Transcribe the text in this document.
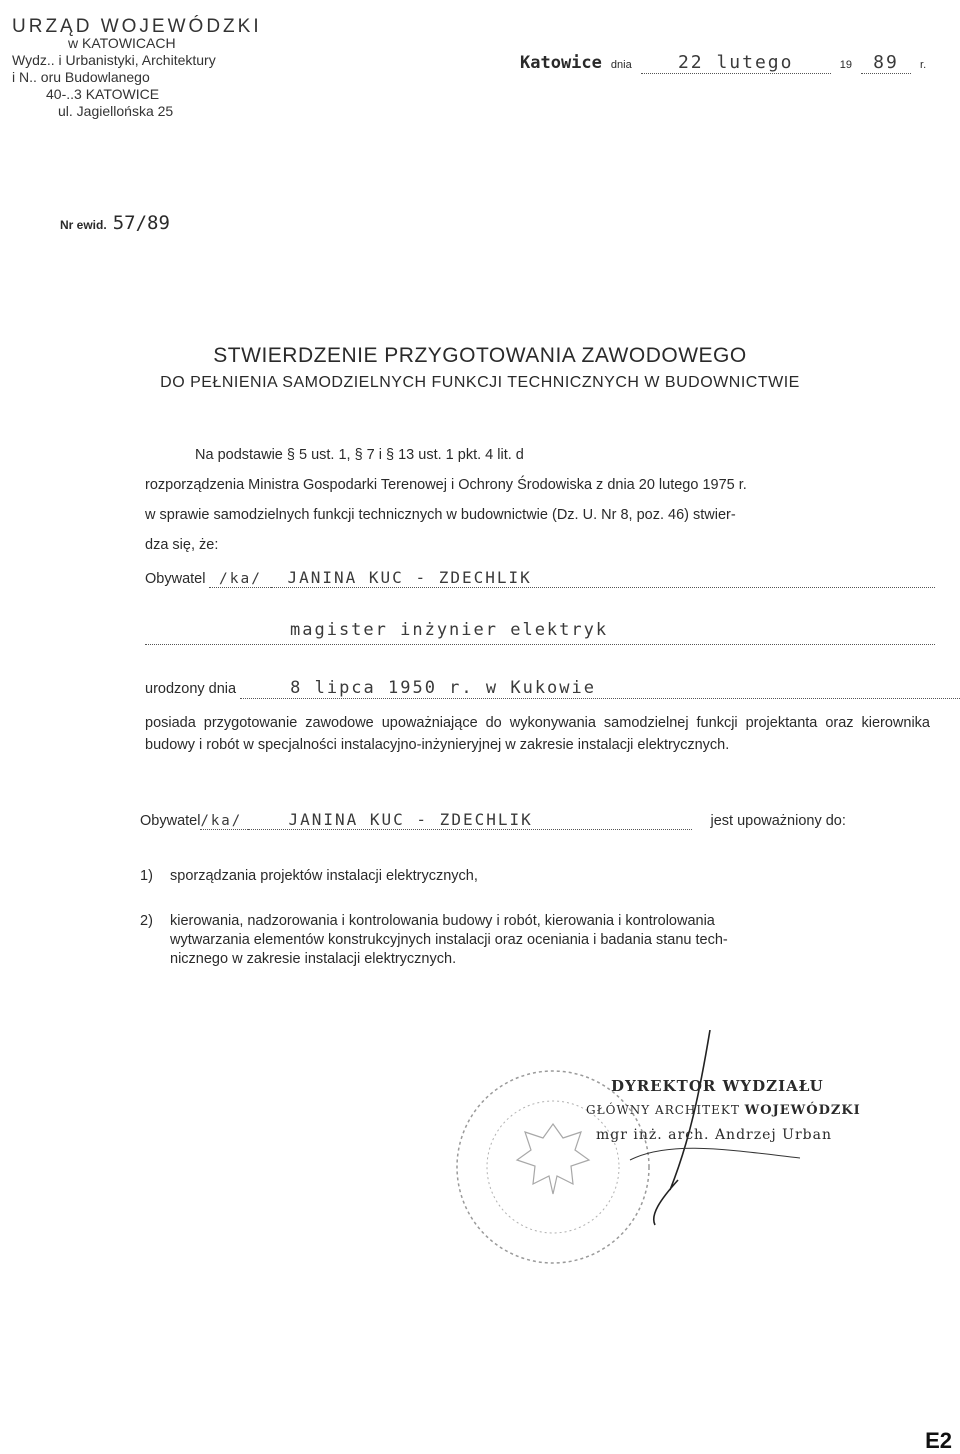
URZĄD WOJEWÓDZKI
w KATOWICACH
Wydz.. i Urbanistyki, Architektury
i N.. oru Budowlanego
40-..3 KATOWICE
ul. Jagiellońska 25
Katowice dnia	22 lutego	19 89 r.
Nr ewid. 57/89
STWIERDZENIE PRZYGOTOWANIA ZAWODOWEGO
DO PEŁNIENIA SAMODZIELNYCH FUNKCJI TECHNICZNYCH W BUDOWNICTWIE

Na podstawie § 5 ust. 1, § 7 i § 13 ust. 1 pkt. 4 lit. d

rozporządzenia Ministra Gospodarki Terenowej i Ochrony Środowiska z dnia 20 lutego 1975 r.

w sprawie samodzielnych funkcji technicznych w budownictwie (Dz. U. Nr 8, poz. 46) stwier-

dza się, że:

Obywatel /ka/ JANINA KUC - ZDECHLIK
magister inżynier elektryk
urodzony dnia	8 lipca 1950 r. w Kukowie
posiada przygotowanie zawodowe upoważniające do wykonywania samodzielnej funkcji projektanta oraz kierownika budowy i robót w specjalności instalacyjno-inżynieryjnej w zakresie instalacji elektrycznych.
Obywatel/ka/	JANINA KUC - ZDECHLIK	jest upoważniony do:
1) sporządzania projektów instalacji elektrycznych,
2) kierowania, nadzorowania i kontrolowania budowy i robót, kierowania i kontrolowania
wytwarzania elementów konstrukcyjnych instalacji oraz oceniania i badania stanu tech-
nicznego w zakresie instalacji elektrycznych.
DYREKTOR WYDZIAŁU
GŁÓWNY ARCHITEKT WOJEWÓDZKI
mgr inż. arch. Andrzej Urban
E2
